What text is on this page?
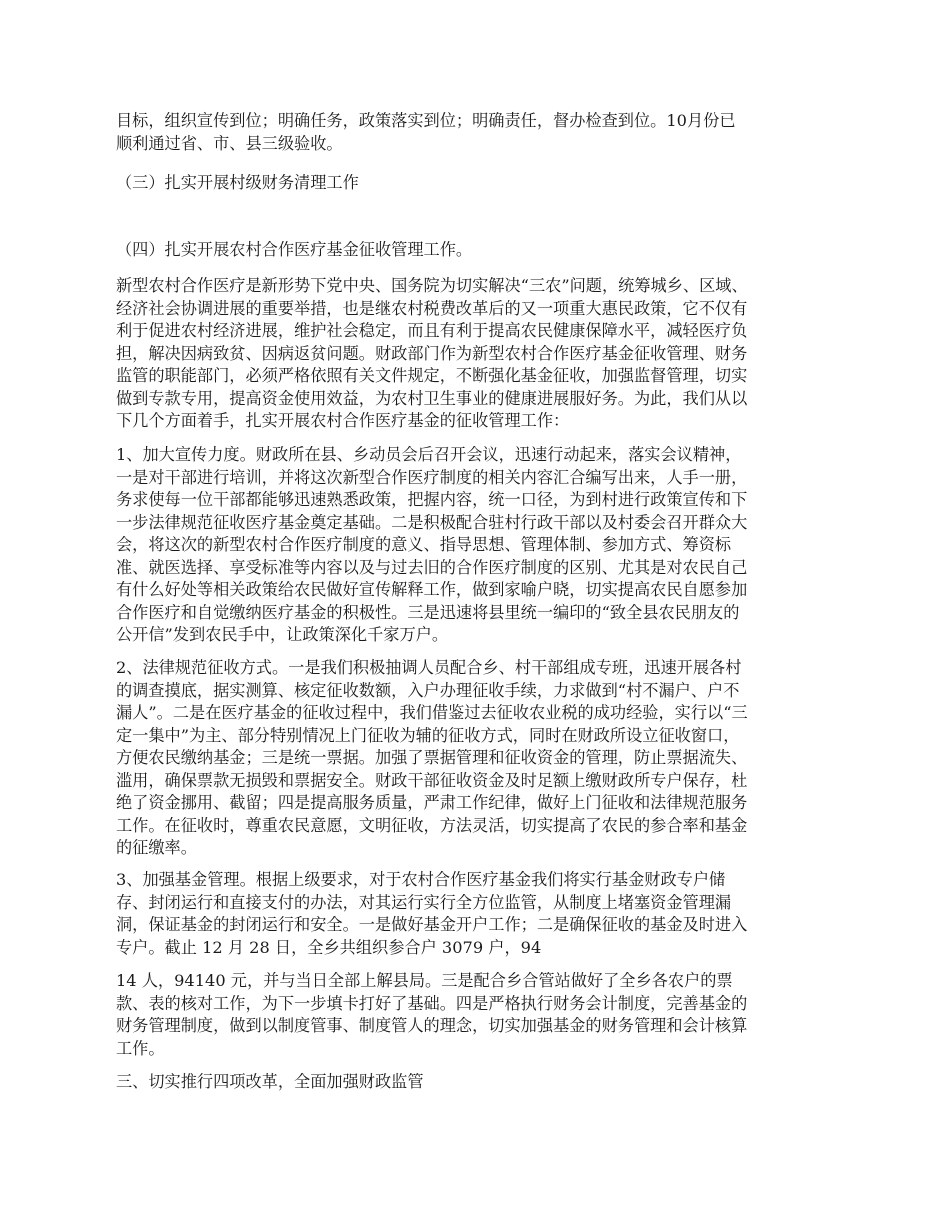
目标，组织宣传到位；明确任务，政策落实到位；明确责任，督办检查到位。10月份已
顺利通过省、市、县三级验收。

（三）扎实开展村级财务清理工作

（四）扎实开展农村合作医疗基金征收管理工作。

新型农村合作医疗是新形势下党中央、国务院为切实解决“三农”问题，统筹城乡、区域、
经济社会协调进展的重要举措，也是继农村税费改革后的又一项重大惠民政策，它不仅有
利于促进农村经济进展，维护社会稳定，而且有利于提高农民健康保障水平，减轻医疗负
担，解决因病致贫、因病返贫问题。财政部门作为新型农村合作医疗基金征收管理、财务
监管的职能部门，必须严格依照有关文件规定，不断强化基金征收，加强监督管理，切实
做到专款专用，提高资金使用效益，为农村卫生事业的健康进展服好务。为此，我们从以
下几个方面着手，扎实开展农村合作医疗基金的征收管理工作：

1、加大宣传力度。财政所在县、乡动员会后召开会议，迅速行动起来，落实会议精神，
一是对干部进行培训，并将这次新型合作医疗制度的相关内容汇合编写出来，人手一册，
务求使每一位干部都能够迅速熟悉政策，把握内容，统一口径，为到村进行政策宣传和下
一步法律规范征收医疗基金奠定基础。二是积极配合驻村行政干部以及村委会召开群众大
会，将这次的新型农村合作医疗制度的意义、指导思想、管理体制、参加方式、筹资标
准、就医选择、享受标准等内容以及与过去旧的合作医疗制度的区别、尤其是对农民自己
有什么好处等相关政策给农民做好宣传解释工作，做到家喻户晓，切实提高农民自愿参加
合作医疗和自觉缴纳医疗基金的积极性。三是迅速将县里统一编印的“致全县农民朋友的
公开信”发到农民手中，让政策深化千家万户。

2、法律规范征收方式。一是我们积极抽调人员配合乡、村干部组成专班，迅速开展各村
的调查摸底，据实测算、核定征收数额，入户办理征收手续，力求做到“村不漏户、户不
漏人”。二是在医疗基金的征收过程中，我们借鉴过去征收农业税的成功经验，实行以“三
定一集中”为主、部分特别情况上门征收为辅的征收方式，同时在财政所设立征收窗口，
方便农民缴纳基金；三是统一票据。加强了票据管理和征收资金的管理，防止票据流失、
滥用，确保票款无损毁和票据安全。财政干部征收资金及时足额上缴财政所专户保存，杜
绝了资金挪用、截留；四是提高服务质量，严肃工作纪律，做好上门征收和法律规范服务
工作。在征收时，尊重农民意愿，文明征收，方法灵活，切实提高了农民的参合率和基金
的征缴率。

3、加强基金管理。根据上级要求，对于农村合作医疗基金我们将实行基金财政专户储
存、封闭运行和直接支付的办法，对其运行实行全方位监管，从制度上堵塞资金管理漏
洞，保证基金的封闭运行和安全。一是做好基金开户工作；二是确保征收的基金及时进入
专户。截止 12 月 28 日，全乡共组织参合户 3079 户，94

14 人，94140 元，并与当日全部上解县局。三是配合乡合管站做好了全乡各农户的票
款、表的核对工作，为下一步填卡打好了基础。四是严格执行财务会计制度，完善基金的
财务管理制度，做到以制度管事、制度管人的理念，切实加强基金的财务管理和会计核算
工作。

三、切实推行四项改革，全面加强财政监管
